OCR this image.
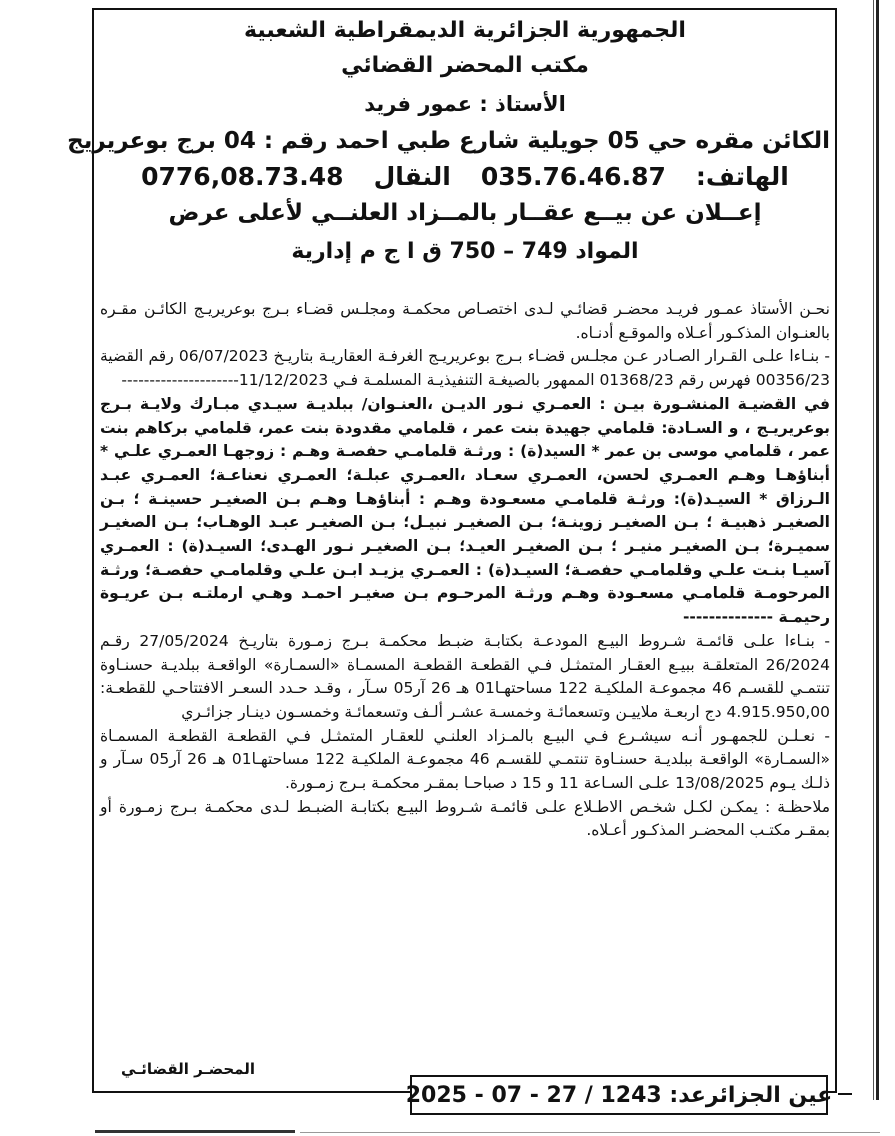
الجمهورية الجزائرية الديمقراطية الشعبية
مكتب المحضر القضائي
الأستاذ : عمور فريد
الكائن مقره حي 05 جويلية شارع طبي احمد رقم : 04 برج بوعريريج
الهاتف:
035.76.46.87
النقال
0776,08.73.48
إعــلان عن بيــع عقــار بالمــزاد العلنــي لأعلى عرض
المواد 749 – 750 ق ا ج م إدارية

نحـن الأستاذ عمـور فريـد محضـر قضائـي لـدى اختصـاص محكمـة ومجلـس قضـاء بـرج بوعريريـج الكائـن مقـره بالعنـوان المذكـور أعـلاه والموقـع أدنـاه.

- بنـاءا علـى القـرار الصـادر عـن مجلـس قضـاء بـرج بوعريريـج الغرفـة العقاريـة بتاريـخ 06/07/2023 رقم القضية 00356/23 فهرس رقم 01368/23 الممهور بالصيغـة التنفيذيـة المسلمـة فـي 11/12/2023---------------------

في القضيـة المنشـورة بيـن : العمـري نـور الديـن ،العنـوان/ ببلديـة سيـدي مبـارك ولايـة بـرج بوعريريـج ، و السـادة: قلمامي جهيدة بنت عمر ، قلمامي مقدودة بنت عمر، قلمامي بركاهم بنت عمر ، قلمامي موسى بن عمر * السيد(ة) : ورثـة قلمامـي حفصـة وهـم : زوجهـا العمـري علـي * أبناؤهـا وهـم العمـري لحسن، العمـري سعـاد ،العمـري عبلـة؛ العمـري نعناعـة؛ العمـري عبـد الـرزاق * السيـد(ة): ورثـة قلمامـي مسعـودة وهـم : أبناؤهـا وهـم بـن الصغيـر حسينـة ؛ بـن الصغيـر ذهبيـة ؛ بـن الصغيـر زوينـة؛ بـن الصغيـر نبيـل؛ بـن الصغيـر عبـد الوهـاب؛ بـن الصغيـر سميـرة؛ بـن الصغيـر منيـر ؛ بـن الصغيـر العيـد؛ بـن الصغيـر نـور الهـدى؛ السيـد(ة) : العمـري آسيـا بنـت علـي وقلمامـي حفصـة؛ السيـد(ة) : العمـري يزيـد ابـن علـي وقلمامـي حفصـة؛ ورثـة المرحومـة قلمامـي مسعـودة وهـم ورثـة المرحـوم بـن صغيـر احمـد وهـي ارملتـه بـن عريـوة رحيمـة --------------

- بنـاءا علـى قائمـة شـروط البيـع المودعـة بكتابـة ضبـط محكمـة بـرج زمـورة بتاريـخ 27/05/2024 رقـم 26/2024 المتعلقـة ببيـع العقـار المتمثـل فـي القطعـة القطعـة المسمـاة «السمـارة» الواقعـة ببلديـة حسنـاوة تنتمـي للقسـم 46 مجموعـة الملكيـة 122 مساحتهـا01 هـ 26 آر05 سـآر ، وقـد حـدد السعـر الافتتاحـي للقطعـة: 4.915.950,00 دج اربعـة ملاييـن وتسعمائـة وخمسـة عشـر ألـف وتسعمائـة وخمسـون دينـار جزائـري

- نعـلـن للجمهـور أنـه سيشـرع فـي البيـع بالمـزاد العلنـي للعقـار المتمثـل فـي القطعـة القطعـة المسمـاة «السمـارة» الواقعـة ببلديـة حسنـاوة تنتمـي للقسـم 46 مجموعـة الملكيـة 122 مساحتهـا01 هـ 26 آر05 سـآر و ذلـك يـوم 13/08/2025 علـى السـاعة 11 و 15 د صباحـا بمقـر محكمـة بـرج زمـورة.

ملاحظـة : يمكـن لكـل شخـص الاطـلاع علـى قائمـة شـروط البيـع بكتابـة الضبـط لـدى محكمـة بـرج زمـورة أو بمقـر مكتـب المحضـر المذكـور أعـلاه.

المحضـر القضائـي
عين الجزائرعد: 1243 / 27 - 07 - 2025
